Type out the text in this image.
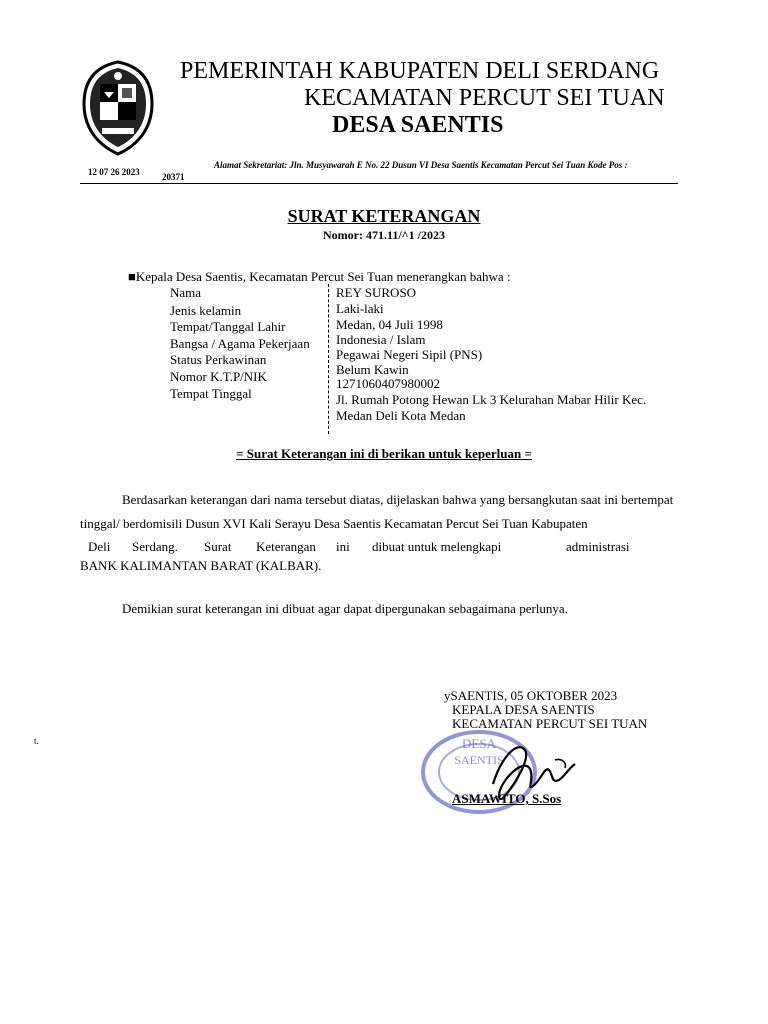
PEMERINTAH KABUPATEN DELI SERDANG
KECAMATAN PERCUT SEI TUAN
DESA SAENTIS
Alamat Sekretariat: Jln. Musyawarah E No. 22 Dusun VI Desa Saentis Kecamatan Percut Sei Tuan Kode Pos :
12 07 26 2023 20371
SURAT KETERANGAN
Nomor: 471.11/^1 /2023
■Kepala Desa Saentis, Kecamatan Percut Sei Tuan menerangkan bahwa :
Nama
Jenis kelamin
Tempat/Tanggal Lahir
Bangsa / Agama Pekerjaan
Status Perkawinan
Nomor K.T.P/NIK
Tempat Tinggal
REY SUROSO
Laki-laki
Medan, 04 Juli 1998
Indonesia / Islam
Pegawai Negeri Sipil (PNS)
Belum Kawin
1271060407980002
Jl. Rumah Potong Hewan Lk 3 Kelurahan Mabar Hilir Kec.
Medan Deli Kota Medan
= Surat Keterangan ini di berikan untuk keperluan =
Berdasarkan keterangan dari nama tersebut diatas, dijelaskan bahwa yang bersangkutan saat ini bertempat
tinggal/ berdomisili Dusun XVI Kali Serayu Desa Saentis Kecamatan Percut Sei Tuan Kabupaten
Deli Serdang. Surat Keterangan ini dibuat untuk melengkapi	administrasi
BANK KALIMANTAN BARAT (KALBAR).
Demikian surat keterangan ini dibuat agar dapat dipergunakan sebagaimana perlunya.
t.
ySAENTIS, 05 OKTOBER 2023
KEPALA DESA SAENTIS
KECAMATAN PERCUT SEI TUAN
DESA
SAENTIS
ASMAWITO, S.Sos
